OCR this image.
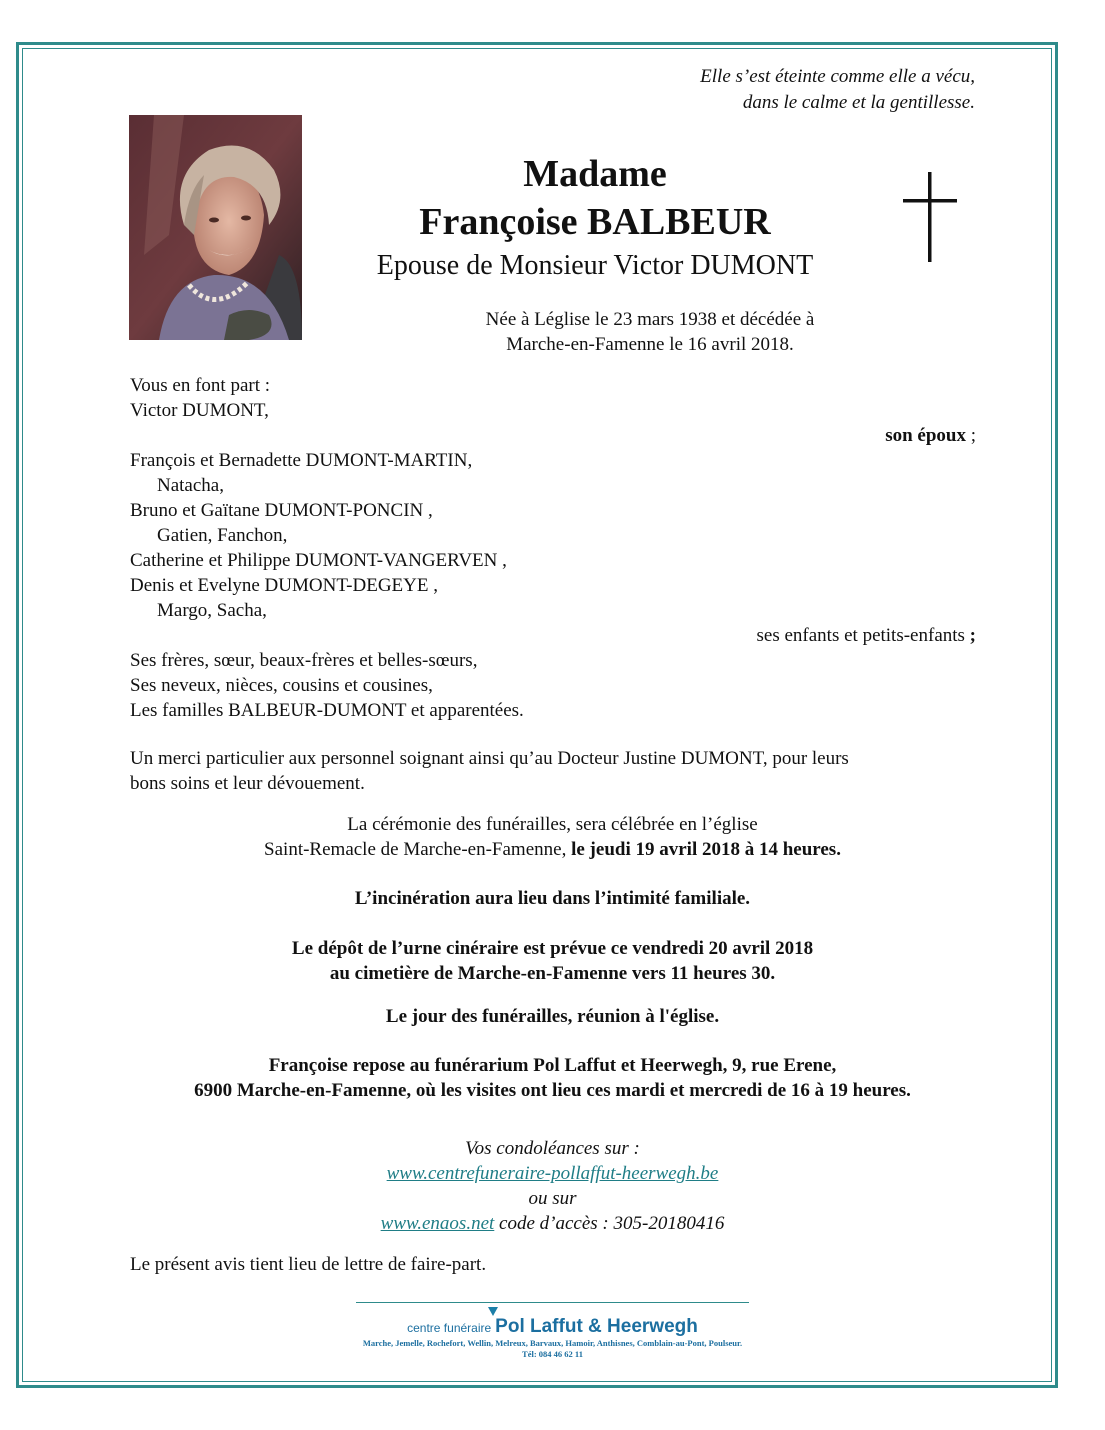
Elle s’est éteinte comme elle a vécu,
dans le calme et la gentillesse.
Madame
Françoise BALBEUR
Epouse de Monsieur Victor DUMONT
Née à Léglise le 23 mars 1938 et décédée à
Marche-en-Famenne le 16 avril 2018.

Vous en font part :

Victor DUMONT,

son époux ;

François et Bernadette DUMONT-MARTIN,

Natacha,

Bruno et Gaïtane DUMONT-PONCIN ,

Gatien, Fanchon,

Catherine et Philippe DUMONT-VANGERVEN ,

Denis et Evelyne DUMONT-DEGEYE ,

Margo, Sacha,

ses enfants et petits-enfants ;

Ses frères, sœur, beaux-frères et belles-sœurs,

Ses neveux, nièces, cousins et cousines,

Les familles BALBEUR-DUMONT et apparentées.

Un merci particulier aux personnel soignant ainsi qu’au Docteur Justine DUMONT, pour leurs
bons soins et leur dévouement.
La cérémonie des funérailles, sera célébrée en l’église
Saint-Remacle de Marche-en-Famenne, le jeudi 19 avril 2018 à 14 heures.
L’incinération aura lieu dans l’intimité familiale.
Le dépôt de l’urne cinéraire est prévue ce vendredi 20 avril 2018
au cimetière de Marche-en-Famenne vers 11 heures 30.
Le jour des funérailles, réunion à l'église.
Françoise repose au funérarium Pol Laffut et Heerwegh, 9, rue Erene,
6900 Marche-en-Famenne, où les visites ont lieu ces mardi et mercredi de 16 à 19 heures.
Vos condoléances sur :
www.centrefuneraire-pollaffut-heerwegh.be
ou sur
www.enaos.net code d’accès : 305-20180416
Le présent avis tient lieu de lettre de faire-part.
centre funéraire Pol Laffut & Heerwegh
Marche, Jemelle, Rochefort, Wellin, Melreux, Barvaux, Hamoir, Anthisnes, Comblain-au-Pont, Poulseur.
Tél: 084 46 62 11
